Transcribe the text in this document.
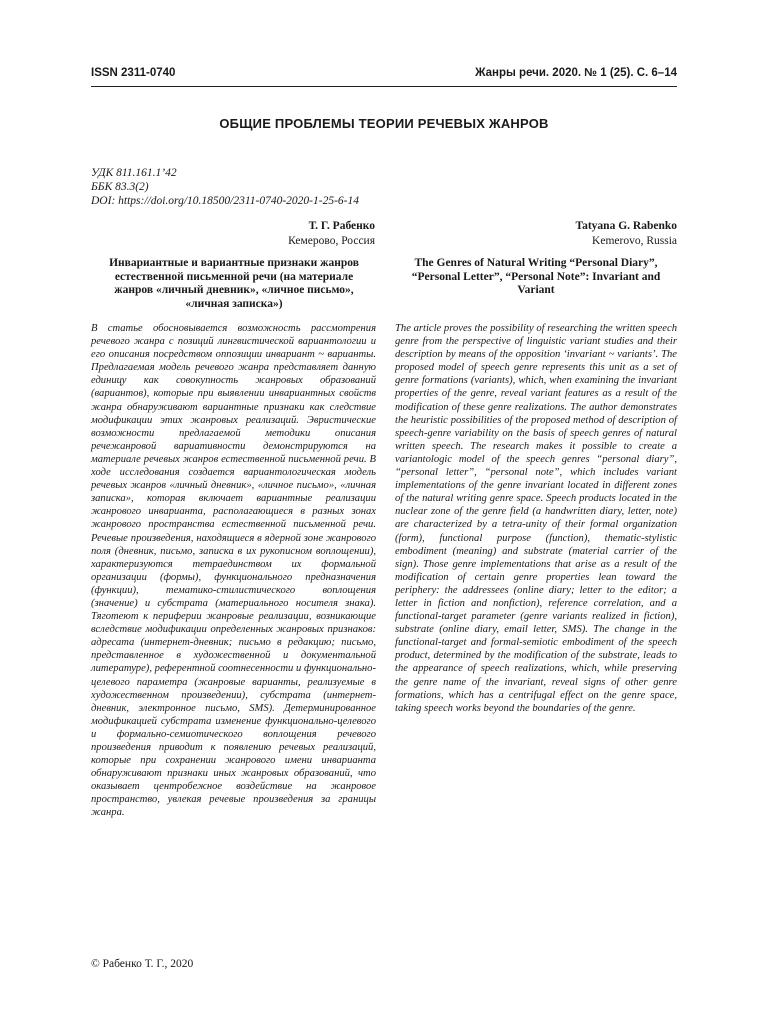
ISSN 2311-0740	Жанры речи. 2020. № 1 (25). С. 6–14
ОБЩИЕ ПРОБЛЕМЫ ТЕОРИИ РЕЧЕВЫХ ЖАНРОВ
УДК 811.161.1’42
ББК 83.3(2)
DOI: https://doi.org/10.18500/2311-0740-2020-1-25-6-14
Т. Г. Рабенко
Кемерово, Россия
Tatyana G. Rabenko
Kemerovo, Russia
Инвариантные и вариантные признаки жанров естественной письменной речи (на материале жанров «личный дневник», «личное письмо», «личная записка»)
The Genres of Natural Writing “Personal Diary”, “Personal Letter”, “Personal Note”: Invariant and Variant
В статье обосновывается возможность рассмотрения речевого жанра с позиций лингвистической вариантологии и его описания посредством оппозиции инвариант ~ варианты. Предлагаемая модель речевого жанра представляет данную единицу как совокупность жанровых образований (вариантов), которые при выявлении инвариантных свойств жанра обнаруживают вариантные признаки как следствие модификации этих жанровых реализаций. Эвристические возможности предлагаемой методики описания речежанровой вариативности демонстрируются на материале речевых жанров естественной письменной речи. В ходе исследования создается вариантологическая модель речевых жанров «личный дневник», «личное письмо», «личная записка», которая включает вариантные реализации жанрового инварианта, располагающиеся в разных зонах жанрового пространства естественной письменной речи. Речевые произведения, находящиеся в ядерной зоне жанрового поля (дневник, письмо, записка в их рукописном воплощении), характеризуются тетраединством их формальной организации (формы), функционального предназначения (функции), тематико-стилистического воплощения (значение) и субстрата (материального носителя знака). Тяготеют к периферии жанровые реализации, возникающие вследствие модификации определенных жанровых признаков: адресата (интернет-дневник; письмо в редакцию; письмо, представленное в художественной и документальной литературе), референтной соотнесенности и функционально-целевого параметра (жанровые варианты, реализуемые в художественном произведении), субстрата (интернет-дневник, электронное письмо, SMS). Детерминированное модификацией субстрата изменение функционально-целевого и формально-семиотического воплощения речевого произведения приводит к появлению речевых реализаций, которые при сохранении жанрового имени инварианта обнаруживают признаки иных жанровых образований, что оказывает центробежное воздействие на жанровое пространство, увлекая речевые произведения за границы жанра.
The article proves the possibility of researching the written speech genre from the perspective of linguistic variant studies and their description by means of the opposition ‘invariant ~ variants’. The proposed model of speech genre represents this unit as a set of genre formations (variants), which, when examining the invariant properties of the genre, reveal variant features as a result of the modification of these genre realizations. The author demonstrates the heuristic possibilities of the proposed method of description of speech-genre variability on the basis of speech genres of natural written speech. The research makes it possible to create a variantologic model of the speech genres “personal diary”, “personal letter”, “personal note”, which includes variant implementations of the genre invariant located in different zones of the natural writing genre space. Speech products located in the nuclear zone of the genre field (a handwritten diary, letter, note) are characterized by a tetra-unity of their formal organization (form), functional purpose (function), thematic-stylistic embodiment (meaning) and substrate (material carrier of the sign). Those genre implementations that arise as a result of the modification of certain genre properties lean toward the periphery: the addressees (online diary; letter to the editor; a letter in fiction and nonfiction), reference correlation, and a functional-target parameter (genre variants realized in fiction), substrate (online diary, email letter, SMS). The change in the functional-target and formal-semiotic embodiment of the speech product, determined by the modification of the substrate, leads to the appearance of speech realizations, which, while preserving the genre name of the invariant, reveal signs of other genre formations, which has a centrifugal effect on the genre space, taking speech works beyond the boundaries of the genre.
© Рабенко Т. Г., 2020
